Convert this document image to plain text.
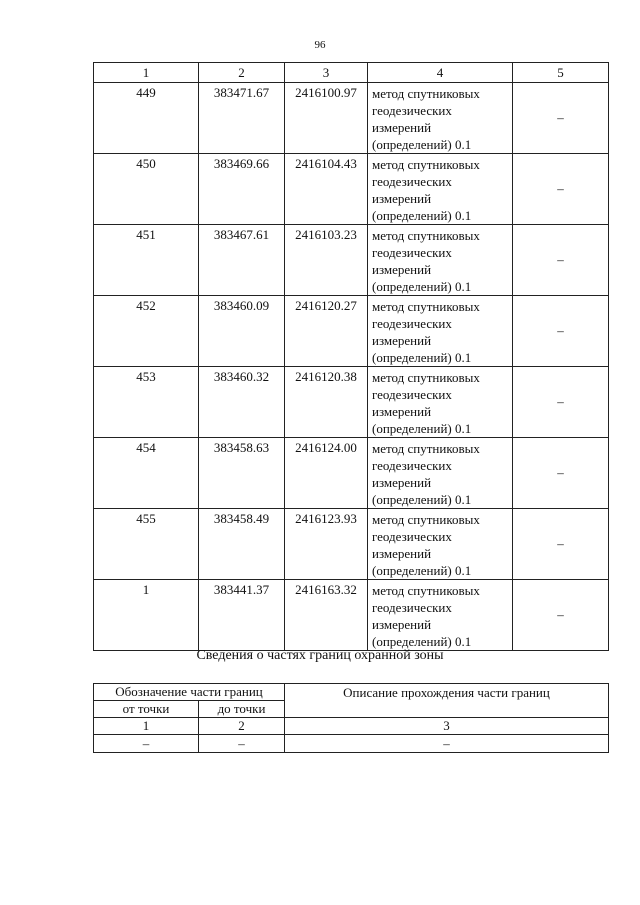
96
1	2	3	4	5
449	383471.67	2416100.97	метод спутниковых
геодезических
измерений
(определений) 0.1	–
450	383469.66	2416104.43	метод спутниковых
геодезических
измерений
(определений) 0.1	–
451	383467.61	2416103.23	метод спутниковых
геодезических
измерений
(определений) 0.1	–
452	383460.09	2416120.27	метод спутниковых
геодезических
измерений
(определений) 0.1	–
453	383460.32	2416120.38	метод спутниковых
геодезических
измерений
(определений) 0.1	–
454	383458.63	2416124.00	метод спутниковых
геодезических
измерений
(определений) 0.1	–
455	383458.49	2416123.93	метод спутниковых
геодезических
измерений
(определений) 0.1	–
1	383441.37	2416163.32	метод спутниковых
геодезических
измерений
(определений) 0.1	–
Сведения о частях границ охранной зоны
Обозначение части границ		Описание прохождения части границ
от точки	до точки	
1	2	3
–	–	–
